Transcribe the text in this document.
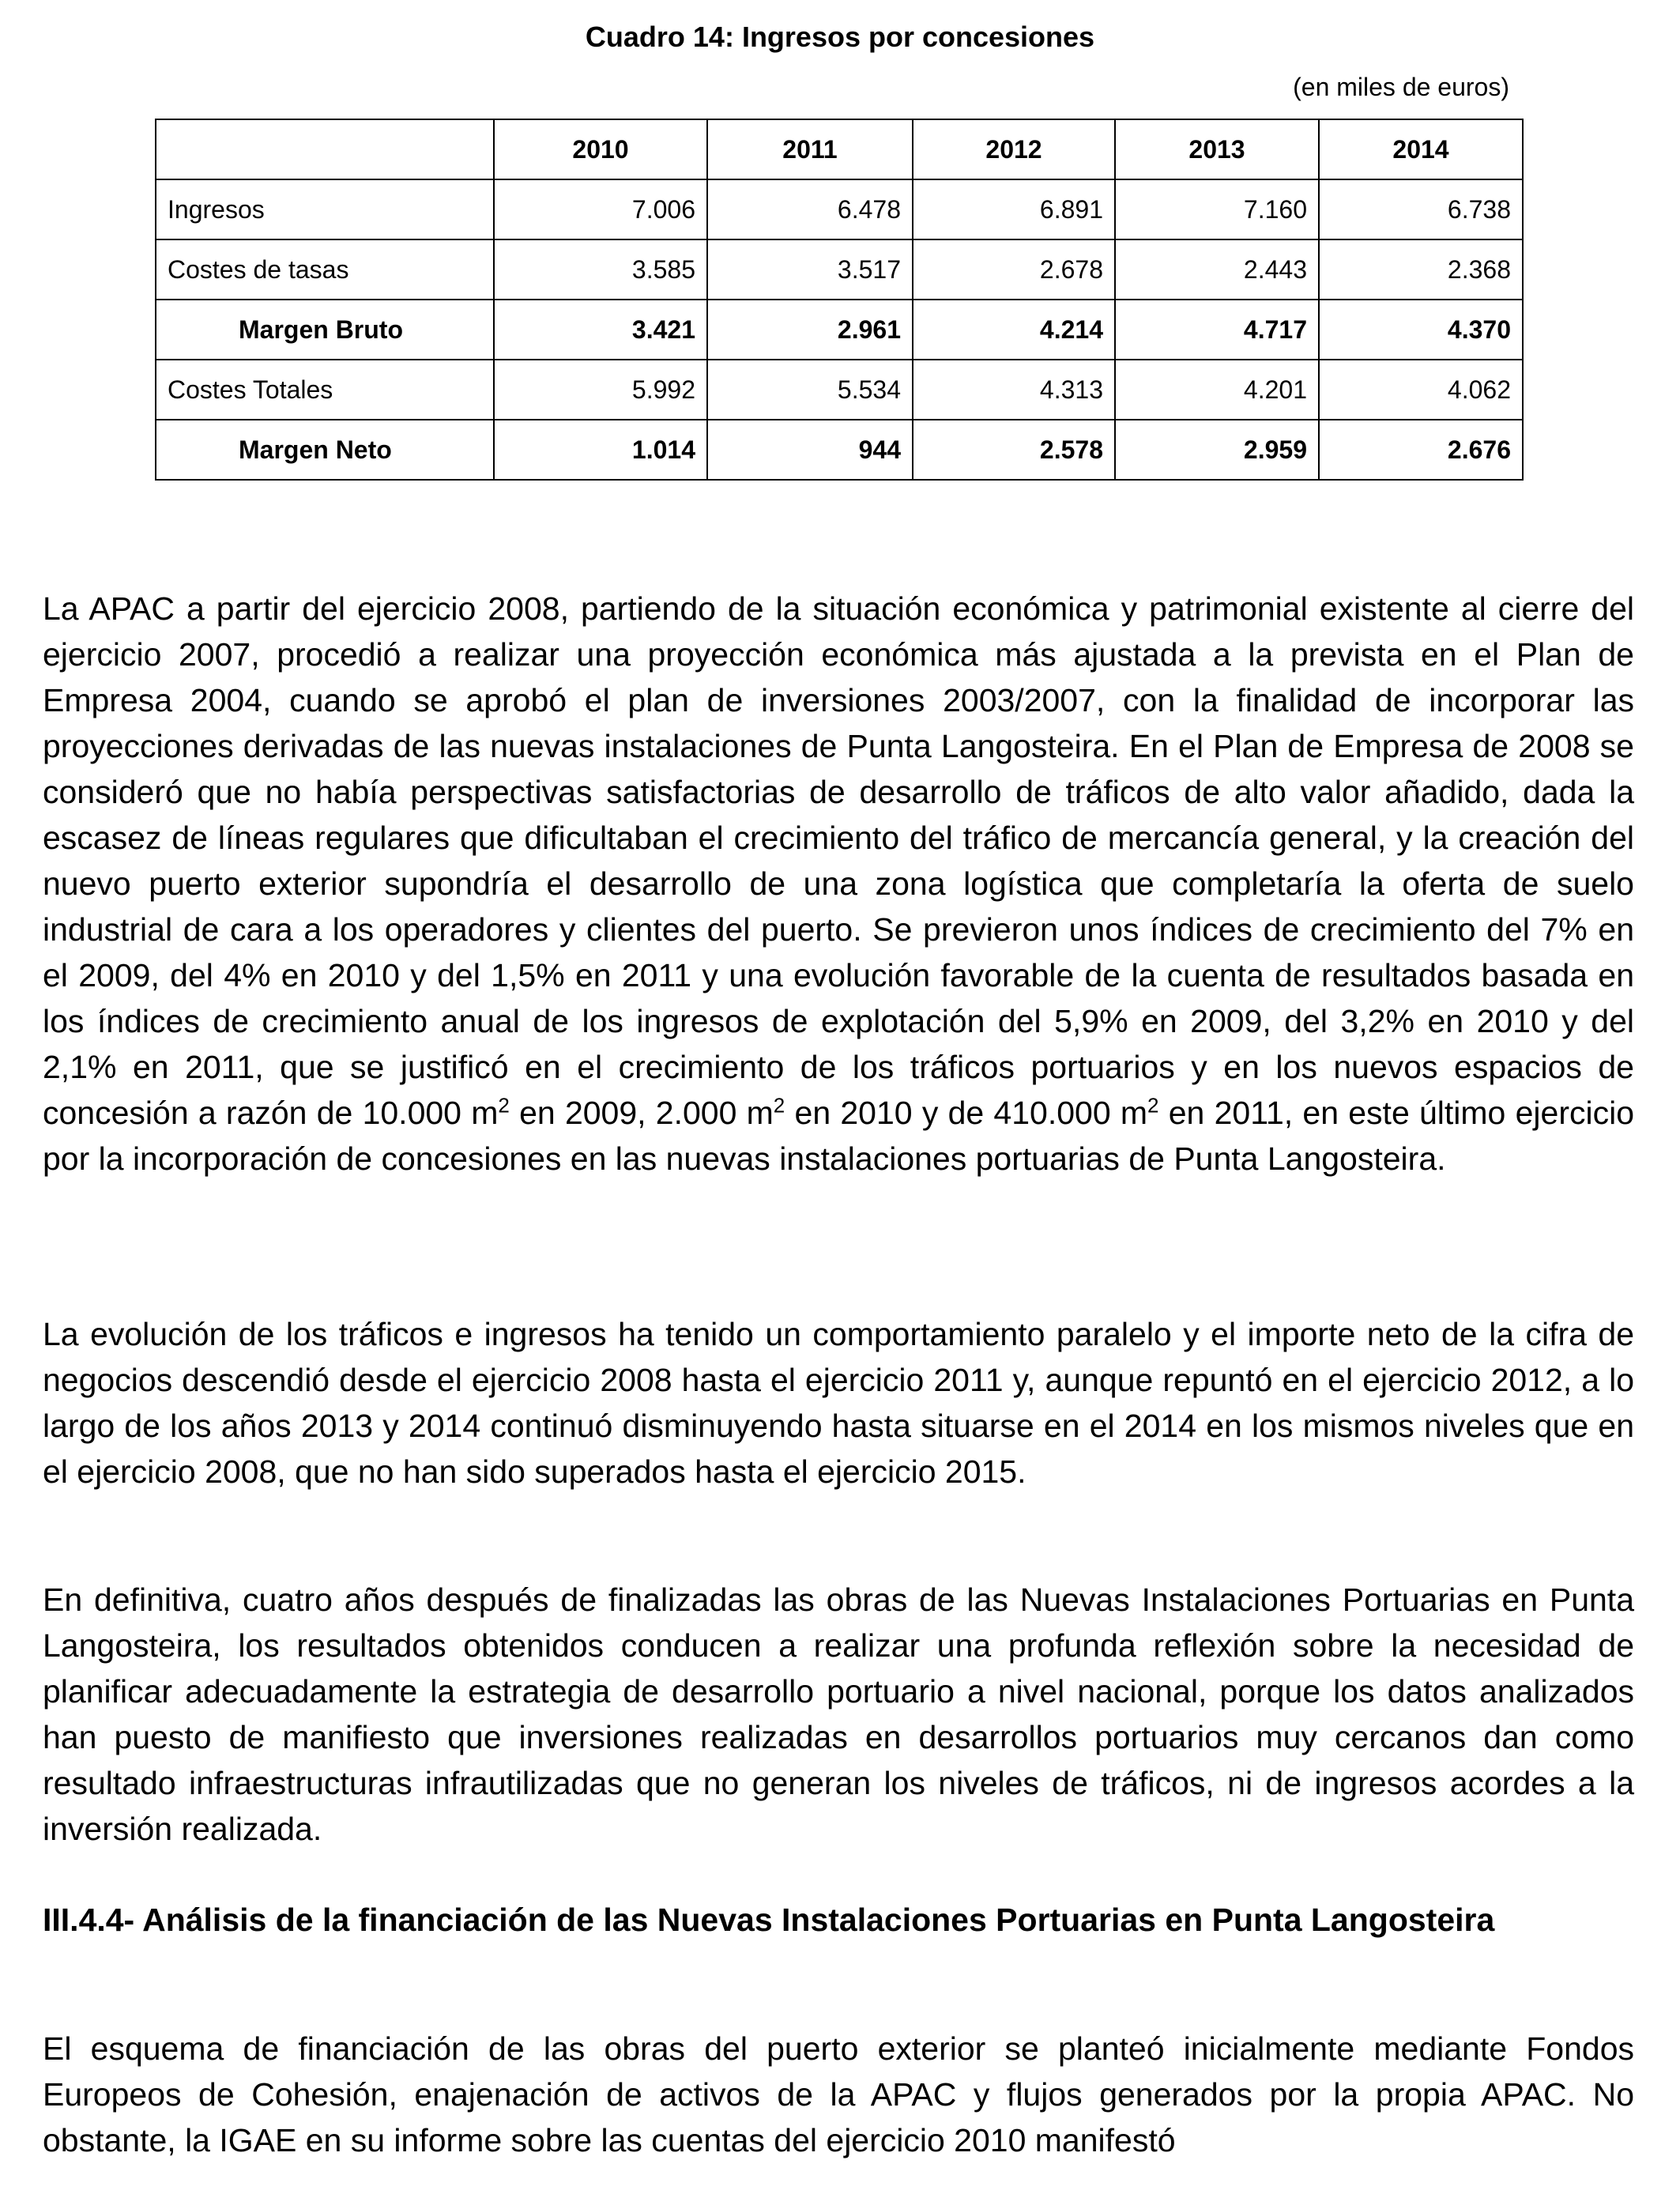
Cuadro 14: Ingresos por concesiones
(en miles de euros)
	2010	2011	2012	2013	2014
Ingresos	7.006	6.478	6.891	7.160	6.738
Costes de tasas	3.585	3.517	2.678	2.443	2.368
Margen Bruto	3.421	2.961	4.214	4.717	4.370
Costes Totales	5.992	5.534	4.313	4.201	4.062
Margen Neto	1.014	944	2.578	2.959	2.676

La APAC a partir del ejercicio 2008, partiendo de la situación económica y patrimonial existente al cierre del ejercicio 2007, procedió a realizar una proyección económica más ajustada a la prevista en el Plan de Empresa 2004, cuando se aprobó el plan de inversiones 2003/2007, con la finalidad de incorporar las proyecciones derivadas de las nuevas instalaciones de Punta Langosteira. En el Plan de Empresa de 2008 se consideró que no había perspectivas satisfactorias de desarrollo de tráficos de alto valor añadido, dada la escasez de líneas regulares que dificultaban el crecimiento del tráfico de mercancía general, y la creación del nuevo puerto exterior supondría el desarrollo de una zona logística que completaría la oferta de suelo industrial de cara a los operadores y clientes del puerto. Se previeron unos índices de crecimiento del 7% en el 2009, del 4% en 2010 y del 1,5% en 2011 y una evolución favorable de la cuenta de resultados basada en los índices de crecimiento anual de los ingresos de explotación del 5,9% en 2009, del 3,2% en 2010 y del 2,1% en 2011, que se justificó en el crecimiento de los tráficos portuarios y en los nuevos espacios de concesión a razón de 10.000 $m^2$ en 2009, 2.000 $m^2$ en 2010 y de 410.000 $m^2$ en 2011, en este último ejercicio por la incorporación de concesiones en las nuevas instalaciones portuarias de Punta Langosteira.

La evolución de los tráficos e ingresos ha tenido un comportamiento paralelo y el importe neto de la cifra de negocios descendió desde el ejercicio 2008 hasta el ejercicio 2011 y, aunque repuntó en el ejercicio 2012, a lo largo de los años 2013 y 2014 continuó disminuyendo hasta situarse en el 2014 en los mismos niveles que en el ejercicio 2008, que no han sido superados hasta el ejercicio 2015.

En definitiva, cuatro años después de finalizadas las obras de las Nuevas Instalaciones Portuarias en Punta Langosteira, los resultados obtenidos conducen a realizar una profunda reflexión sobre la necesidad de planificar adecuadamente la estrategia de desarrollo portuario a nivel nacional, porque los datos analizados han puesto de manifiesto que inversiones realizadas en desarrollos portuarios muy cercanos dan como resultado infraestructuras infrautilizadas que no generan los niveles de tráficos, ni de ingresos acordes a la inversión realizada.

III.4.4- Análisis de la financiación de las Nuevas Instalaciones Portuarias en Punta Langosteira

El esquema de financiación de las obras del puerto exterior se planteó inicialmente mediante Fondos Europeos de Cohesión, enajenación de activos de la APAC y flujos generados por la propia APAC. No obstante, la IGAE en su informe sobre las cuentas del ejercicio 2010 manifestó
